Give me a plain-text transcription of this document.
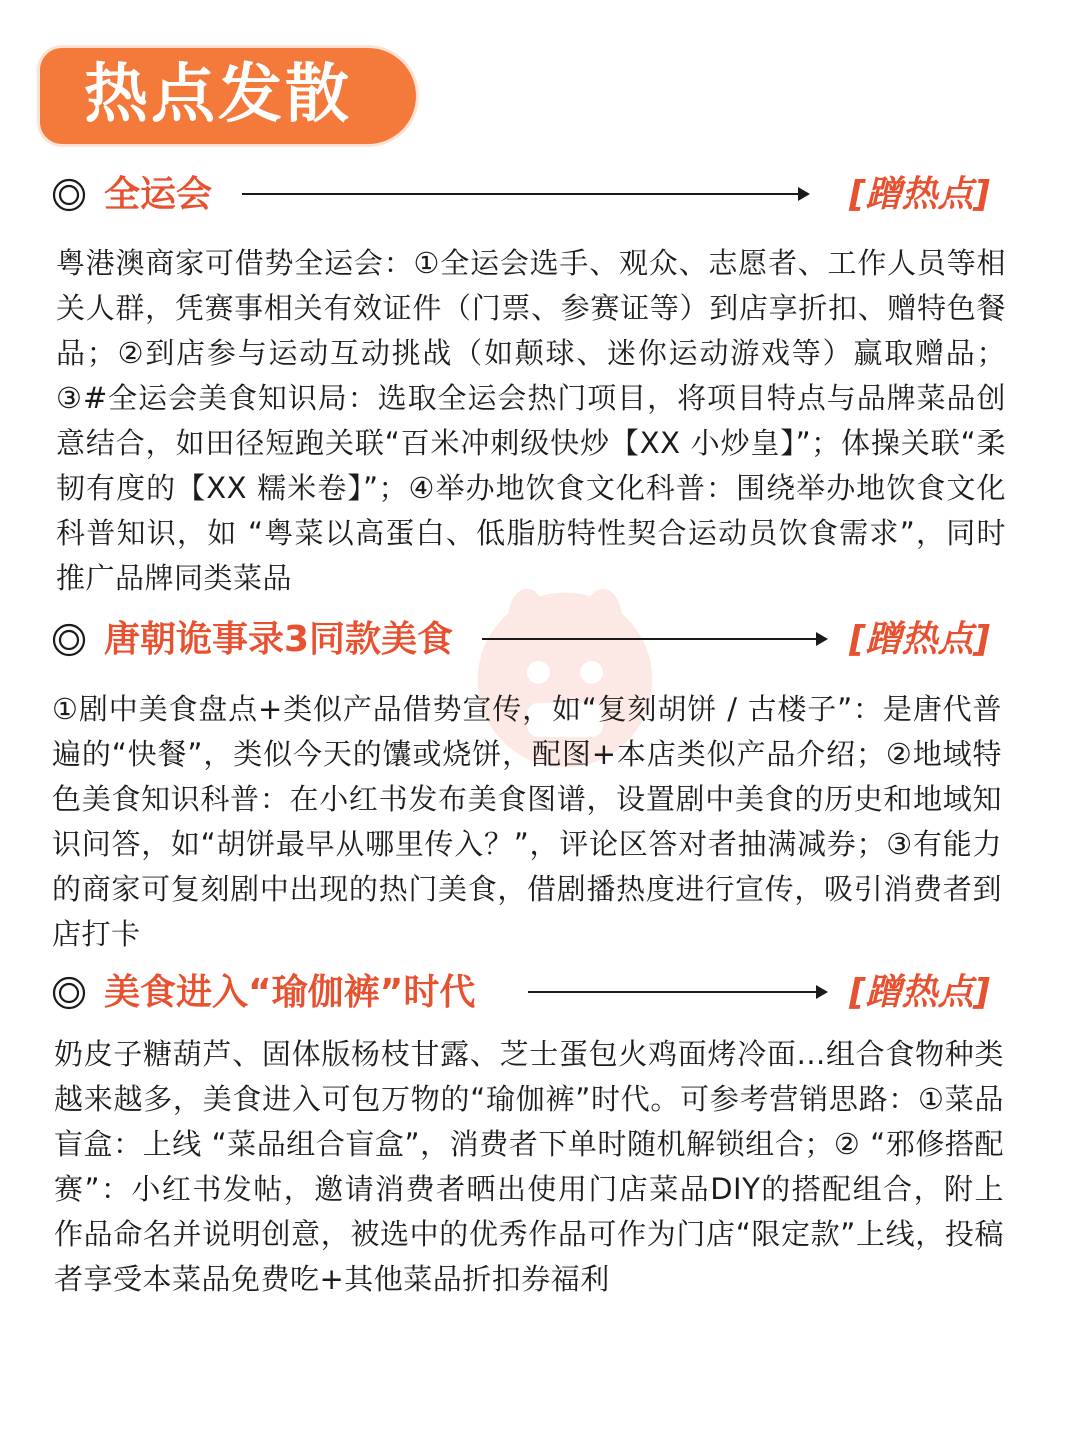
热点发散
全运会	[蹭热点]

粤港澳商家可借势全运会：①全运会选手、观众、志愿者、工作人员等相关人群，凭赛事相关有效证件（门票、参赛证等）到店享折扣、赠特色餐品；②到店参与运动互动挑战（如颠球、迷你运动游戏等）赢取赠品；③#全运会美食知识局：选取全运会热门项目，将项目特点与品牌菜品创意结合，如田径短跑关联“百米冲刺级快炒【XX 小炒皇】”；体操关联“柔韧有度的【XX 糯米卷】”；④举办地饮食文化科普：围绕举办地饮食文化科普知识，如 “粤菜以高蛋白、低脂肪特性契合运动员饮食需求”，同时推广品牌同类菜品

唐朝诡事录3同款美食	[蹭热点]

①剧中美食盘点+类似产品借势宣传，如“复刻胡饼 / 古楼子”：是唐代普遍的“快餐”，类似今天的馕或烧饼，配图+本店类似产品介绍；②地域特色美食知识科普：在小红书发布美食图谱，设置剧中美食的历史和地域知识问答，如“胡饼最早从哪里传入？”，评论区答对者抽满减券；③有能力的商家可复刻剧中出现的热门美食，借剧播热度进行宣传，吸引消费者到店打卡

美食进入“瑜伽裤”时代	[蹭热点]

奶皮子糖葫芦、固体版杨枝甘露、芝士蛋包火鸡面烤冷面...组合食物种类越来越多，美食进入可包万物的“瑜伽裤”时代。可参考营销思路：①菜品盲盒：上线 “菜品组合盲盒”，消费者下单时随机解锁组合；② “邪修搭配赛”：小红书发帖，邀请消费者晒出使用门店菜品DIY的搭配组合，附上作品命名并说明创意，被选中的优秀作品可作为门店“限定款”上线，投稿者享受本菜品免费吃+其他菜品折扣券福利
